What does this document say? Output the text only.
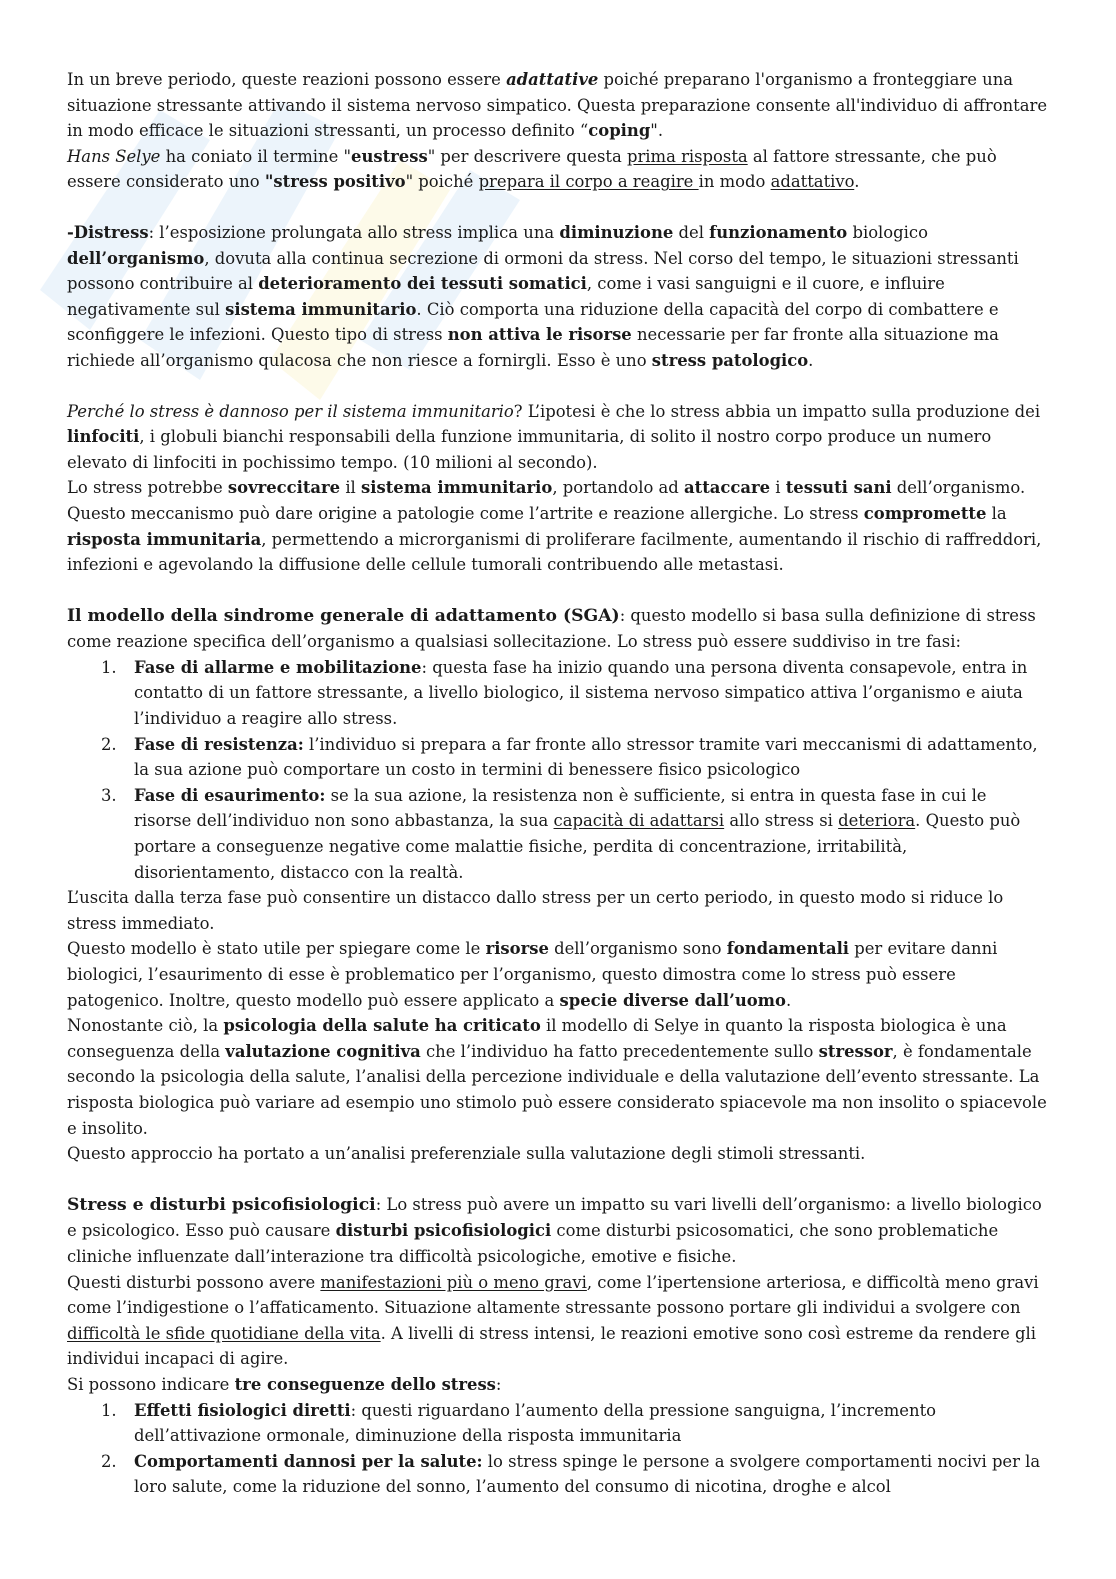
In un breve periodo, queste reazioni possono essere adattative poiché preparano l'organismo a fronteggiare una situazione stressante attivando il sistema nervoso simpatico. Questa preparazione consente all'individuo di affrontare in modo efficace le situazioni stressanti, un processo definito “coping".

Hans Selye ha coniato il termine "eustress" per descrivere questa prima risposta al fattore stressante, che può essere considerato uno "stress positivo" poiché prepara il corpo a reagire in modo adattativo.

-Distress: l’esposizione prolungata allo stress implica una diminuzione del funzionamento biologico dell’organismo, dovuta alla continua secrezione di ormoni da stress. Nel corso del tempo, le situazioni stressanti possono contribuire al deterioramento dei tessuti somatici, come i vasi sanguigni e il cuore, e influire negativamente sul sistema immunitario. Ciò comporta una riduzione della capacità del corpo di combattere e sconfiggere le infezioni. Questo tipo di stress non attiva le risorse necessarie per far fronte alla situazione ma richiede all’organismo qulacosa che non riesce a fornirgli. Esso è uno stress patologico.

Perché lo stress è dannoso per il sistema immunitario? L’ipotesi è che lo stress abbia un impatto sulla produzione dei linfociti, i globuli bianchi responsabili della funzione immunitaria, di solito il nostro corpo produce un numero elevato di linfociti in pochissimo tempo. (10 milioni al secondo).

Lo stress potrebbe sovreccitare il sistema immunitario, portandolo ad attaccare i tessuti sani dell’organismo. Questo meccanismo può dare origine a patologie come l’artrite e reazione allergiche. Lo stress compromette la risposta immunitaria, permettendo a microrganismi di proliferare facilmente, aumentando il rischio di raffreddori, infezioni e agevolando la diffusione delle cellule tumorali contribuendo alle metastasi.

Il modello della sindrome generale di adattamento (SGA): questo modello si basa sulla definizione di stress come reazione specifica dell’organismo a qualsiasi sollecitazione. Lo stress può essere suddiviso in tre fasi:

1. Fase di allarme e mobilitazione: questa fase ha inizio quando una persona diventa consapevole, entra in contatto di un fattore stressante, a livello biologico, il sistema nervoso simpatico attiva l’organismo e aiuta l’individuo a reagire allo stress.
2. Fase di resistenza: l’individuo si prepara a far fronte allo stressor tramite vari meccanismi di adattamento, la sua azione può comportare un costo in termini di benessere fisico psicologico
3. Fase di esaurimento: se la sua azione, la resistenza non è sufficiente, si entra in questa fase in cui le risorse dell’individuo non sono abbastanza, la sua capacità di adattarsi allo stress si deteriora. Questo può portare a conseguenze negative come malattie fisiche, perdita di concentrazione, irritabilità, disorientamento, distacco con la realtà.

L’uscita dalla terza fase può consentire un distacco dallo stress per un certo periodo, in questo modo si riduce lo stress immediato.

Questo modello è stato utile per spiegare come le risorse dell’organismo sono fondamentali per evitare danni biologici, l’esaurimento di esse è problematico per l’organismo, questo dimostra come lo stress può essere patogenico. Inoltre, questo modello può essere applicato a specie diverse dall’uomo.

Nonostante ciò, la psicologia della salute ha criticato il modello di Selye in quanto la risposta biologica è una conseguenza della valutazione cognitiva che l’individuo ha fatto precedentemente sullo stressor, è fondamentale secondo la psicologia della salute, l’analisi della percezione individuale e della valutazione dell’evento stressante. La risposta biologica può variare ad esempio uno stimolo può essere considerato spiacevole ma non insolito o spiacevole e insolito.

Questo approccio ha portato a un’analisi preferenziale sulla valutazione degli stimoli stressanti.

Stress e disturbi psicofisiologici: Lo stress può avere un impatto su vari livelli dell’organismo: a livello biologico e psicologico. Esso può causare disturbi psicofisiologici come disturbi psicosomatici, che sono problematiche cliniche influenzate dall’interazione tra difficoltà psicologiche, emotive e fisiche.

Questi disturbi possono avere manifestazioni più o meno gravi, come l’ipertensione arteriosa, e difficoltà meno gravi come l’indigestione o l’affaticamento. Situazione altamente stressante possono portare gli individui a svolgere con difficoltà le sfide quotidiane della vita. A livelli di stress intensi, le reazioni emotive sono così estreme da rendere gli individui incapaci di agire.

Si possono indicare tre conseguenze dello stress:

1. Effetti fisiologici diretti: questi riguardano l’aumento della pressione sanguigna, l’incremento dell’attivazione ormonale, diminuzione della risposta immunitaria
2. Comportamenti dannosi per la salute: lo stress spinge le persone a svolgere comportamenti nocivi per la loro salute, come la riduzione del sonno, l’aumento del consumo di nicotina, droghe e alcol
